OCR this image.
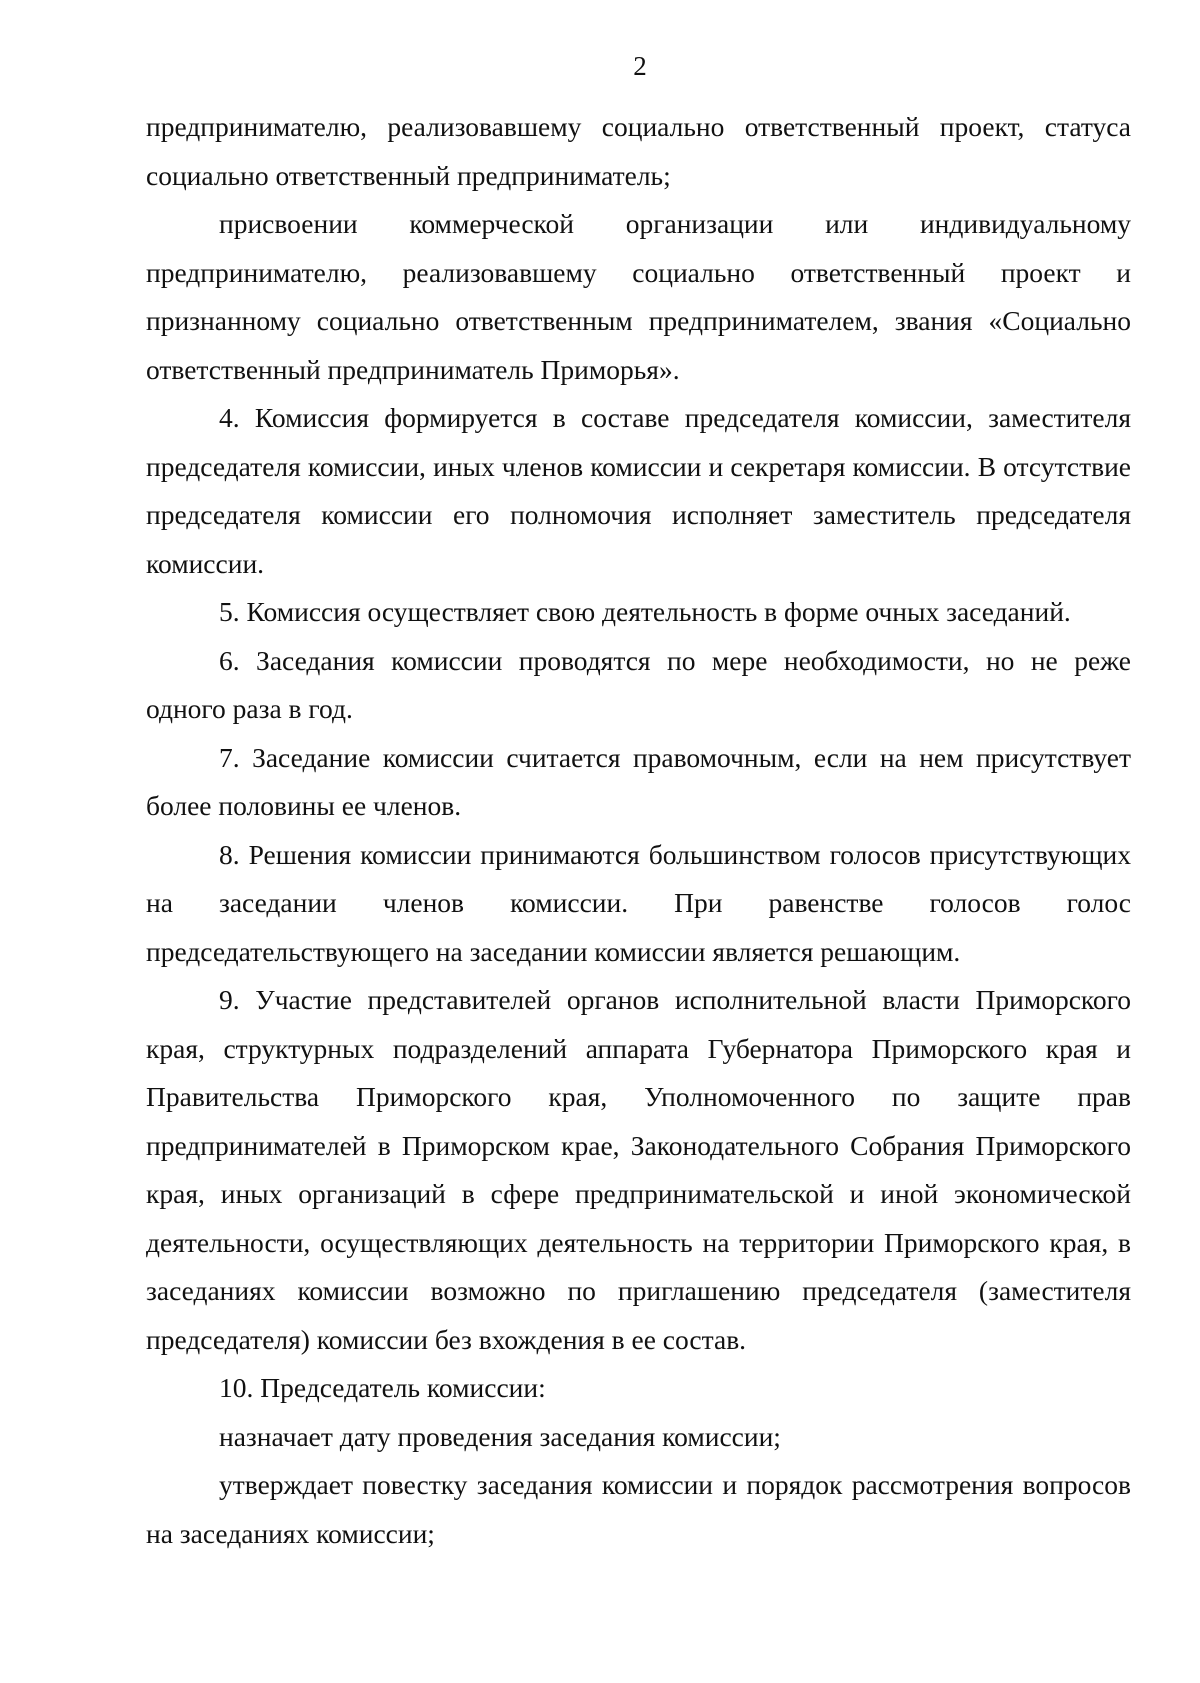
2

предпринимателю, реализовавшему социально ответственный проект, статуса социально ответственный предприниматель;

присвоении коммерческой организации или индивидуальному предпринимателю, реализовавшему социально ответственный проект и признанному социально ответственным предпринимателем, звания «Социально ответственный предприниматель Приморья».

4. Комиссия формируется в составе председателя комиссии, заместителя председателя комиссии, иных членов комиссии и секретаря комиссии. В отсутствие председателя комиссии его полномочия исполняет заместитель председателя комиссии.

5. Комиссия осуществляет свою деятельность в форме очных заседаний.

6. Заседания комиссии проводятся по мере необходимости, но не реже одного раза в год.

7. Заседание комиссии считается правомочным, если на нем присутствует более половины ее членов.

8. Решения комиссии принимаются большинством голосов присутствующих на заседании членов комиссии. При равенстве голосов голос председательствующего на заседании комиссии является решающим.

9. Участие представителей органов исполнительной власти Приморского края, структурных подразделений аппарата Губернатора Приморского края и Правительства Приморского края, Уполномоченного по защите прав предпринимателей в Приморском крае, Законодательного Собрания Приморского края, иных организаций в сфере предпринимательской и иной экономической деятельности, осуществляющих деятельность на территории Приморского края, в заседаниях комиссии возможно по приглашению председателя (заместителя председателя) комиссии без вхождения в ее состав.

10. Председатель комиссии:

назначает дату проведения заседания комиссии;

утверждает повестку заседания комиссии и порядок рассмотрения вопросов на заседаниях комиссии;
